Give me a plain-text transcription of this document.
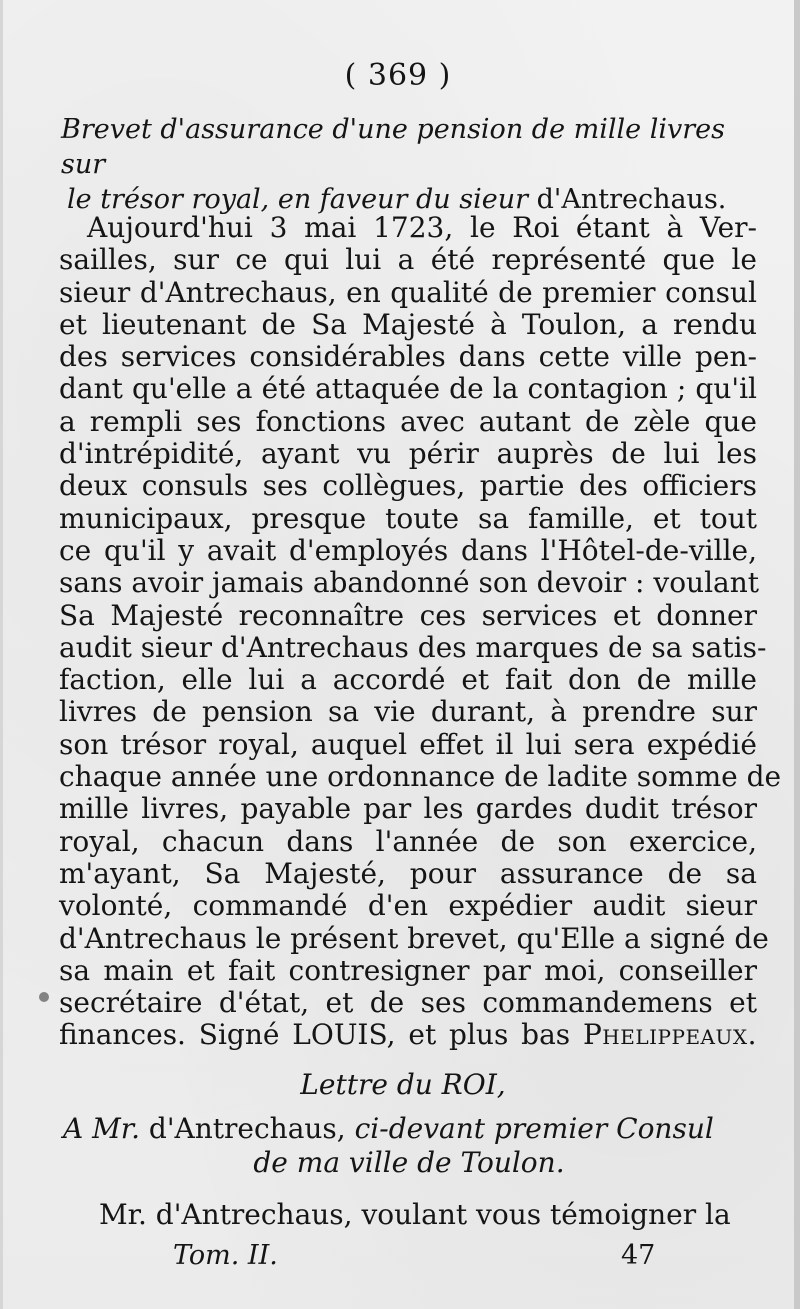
( 369 )
Brevet d'assurance d'une pension de mille livres sur
le trésor royal, en faveur du sieur d'Antrechaus.
Aujourd'hui 3 mai 1723, le Roi étant à Ver-
sailles, sur ce qui lui a été représenté que le
sieur d'Antrechaus, en qualité de premier consul
et lieutenant de Sa Majesté à Toulon, a rendu
des services considérables dans cette ville pen-
dant qu'elle a été attaquée de la contagion ; qu'il
a rempli ses fonctions avec autant de zèle que
d'intrépidité, ayant vu périr auprès de lui les
deux consuls ses collègues, partie des officiers
municipaux, presque toute sa famille, et tout
ce qu'il y avait d'employés dans l'Hôtel-de-ville,
sans avoir jamais abandonné son devoir : voulant
Sa Majesté reconnaître ces services et donner
audit sieur d'Antrechaus des marques de sa satis-
faction, elle lui a accordé et fait don de mille
livres de pension sa vie durant, à prendre sur
son trésor royal, auquel effet il lui sera expédié
chaque année une ordonnance de ladite somme de
mille livres, payable par les gardes dudit trésor
royal, chacun dans l'année de son exercice,
m'ayant, Sa Majesté, pour assurance de sa
volonté, commandé d'en expédier audit sieur
d'Antrechaus le présent brevet, qu'Elle a signé de
sa main et fait contresigner par moi, conseiller
secrétaire d'état, et de ses commandemens et
finances. Signé LOUIS, et plus bas Phelippeaux.
Lettre du ROI,
A Mr. d'Antrechaus, ci-devant premier Consul
de ma ville de Toulon.
Mr. d'Antrechaus, voulant vous témoigner la
Tom. II.	47
